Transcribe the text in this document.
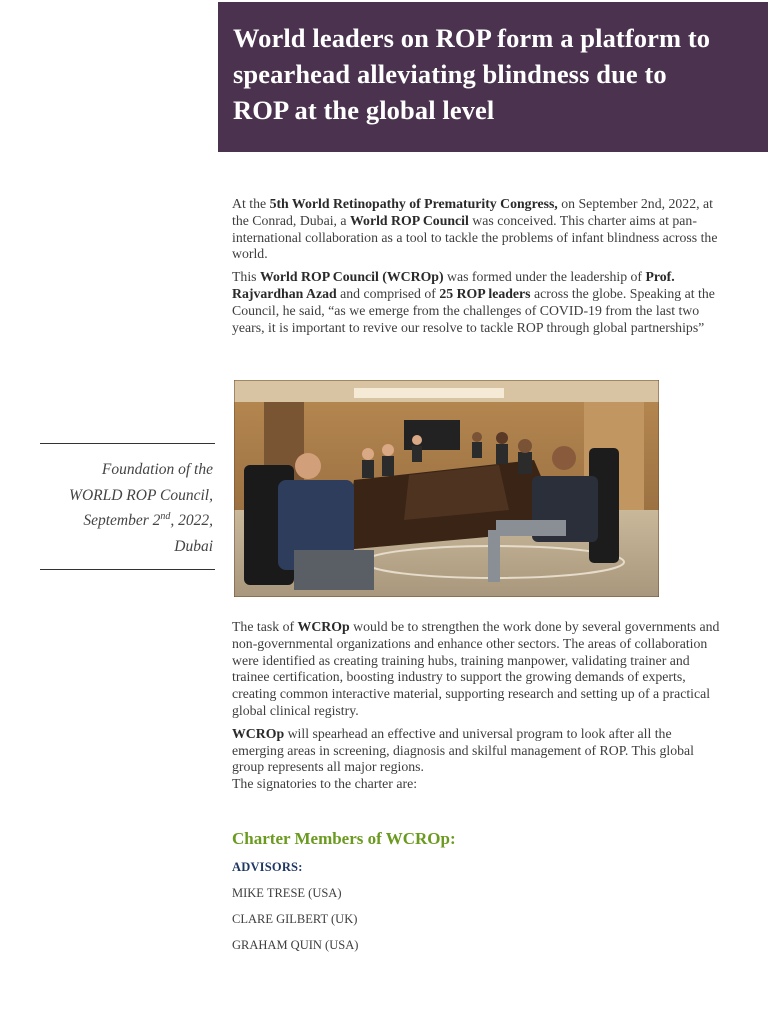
World leaders on ROP form a platform to
spearhead alleviating blindness due to
ROP at the global level

At the 5th World Retinopathy of Prematurity Congress, on September 2nd, 2022, at the Conrad, Dubai, a World ROP Council was conceived. This charter aims at pan-international collaboration as a tool to tackle the problems of infant blindness across the world.

This World ROP Council (WCROp) was formed under the leadership of Prof. Rajvardhan Azad and comprised of 25 ROP leaders across the globe. Speaking at the Council, he said, “as we emerge from the challenges of COVID-19 from the last two years, it is important to revive our resolve to tackle ROP through global partnerships”

Foundation of the
WORLD ROP Council,
September 2nd, 2022,
Dubai

The task of WCROp would be to strengthen the work done by several governments and non-governmental organizations and enhance other sectors. The areas of collaboration were identified as creating training hubs, training manpower, validating trainer and trainee certification, boosting industry to support the growing demands of experts, creating common interactive material, supporting research and setting up of a practical global clinical registry.

WCROp will spearhead an effective and universal program to look after all the emerging areas in screening, diagnosis and skilful management of ROP. This global group represents all major regions.

The signatories to the charter are:

Charter Members of WCROp:
ADVISORS:
MIKE TRESE (USA)
CLARE GILBERT (UK)
GRAHAM QUIN (USA)
